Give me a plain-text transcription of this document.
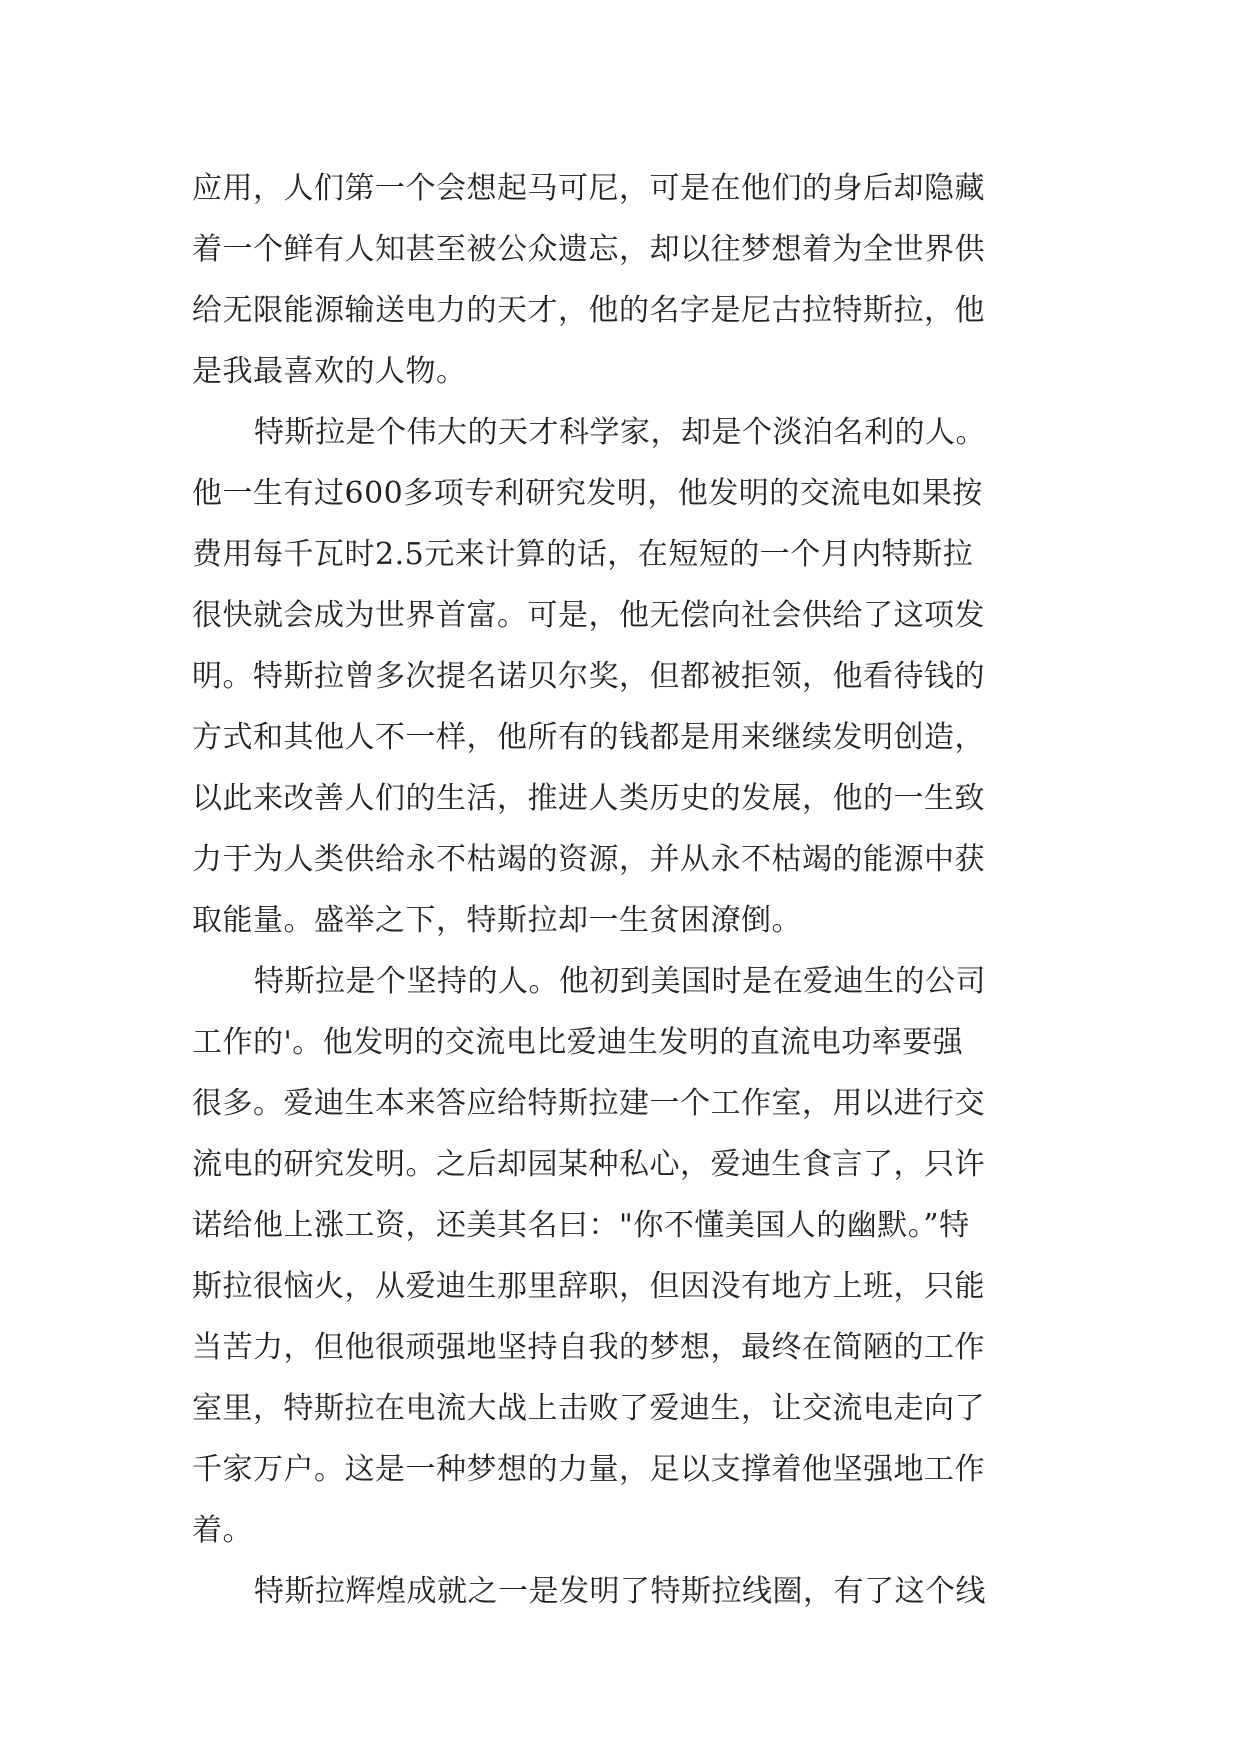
应用，人们第一个会想起马可尼，可是在他们的身后却隐藏
着一个鲜有人知甚至被公众遗忘，却以往梦想着为全世界供
给无限能源输送电力的天才，他的名字是尼古拉特斯拉，他
是我最喜欢的人物。
特斯拉是个伟大的天才科学家，却是个淡泊名利的人。
他一生有过600多项专利研究发明，他发明的交流电如果按
费用每千瓦时2.5元来计算的话，在短短的一个月内特斯拉
很快就会成为世界首富。可是，他无偿向社会供给了这项发
明。特斯拉曾多次提名诺贝尔奖，但都被拒领，他看待钱的
方式和其他人不一样，他所有的钱都是用来继续发明创造，
以此来改善人们的生活，推进人类历史的发展，他的一生致
力于为人类供给永不枯竭的资源，并从永不枯竭的能源中获
取能量。盛举之下，特斯拉却一生贫困潦倒。
特斯拉是个坚持的人。他初到美国时是在爱迪生的公司
工作的'。他发明的交流电比爱迪生发明的直流电功率要强
很多。爱迪生本来答应给特斯拉建一个工作室，用以进行交
流电的研究发明。之后却园某种私心，爱迪生食言了，只许
诺给他上涨工资，还美其名曰："你不懂美国人的幽默。”特
斯拉很恼火，从爱迪生那里辞职，但因没有地方上班，只能
当苦力，但他很顽强地坚持自我的梦想，最终在简陋的工作
室里，特斯拉在电流大战上击败了爱迪生，让交流电走向了
千家万户。这是一种梦想的力量，足以支撑着他坚强地工作
着。
特斯拉辉煌成就之一是发明了特斯拉线圈，有了这个线
